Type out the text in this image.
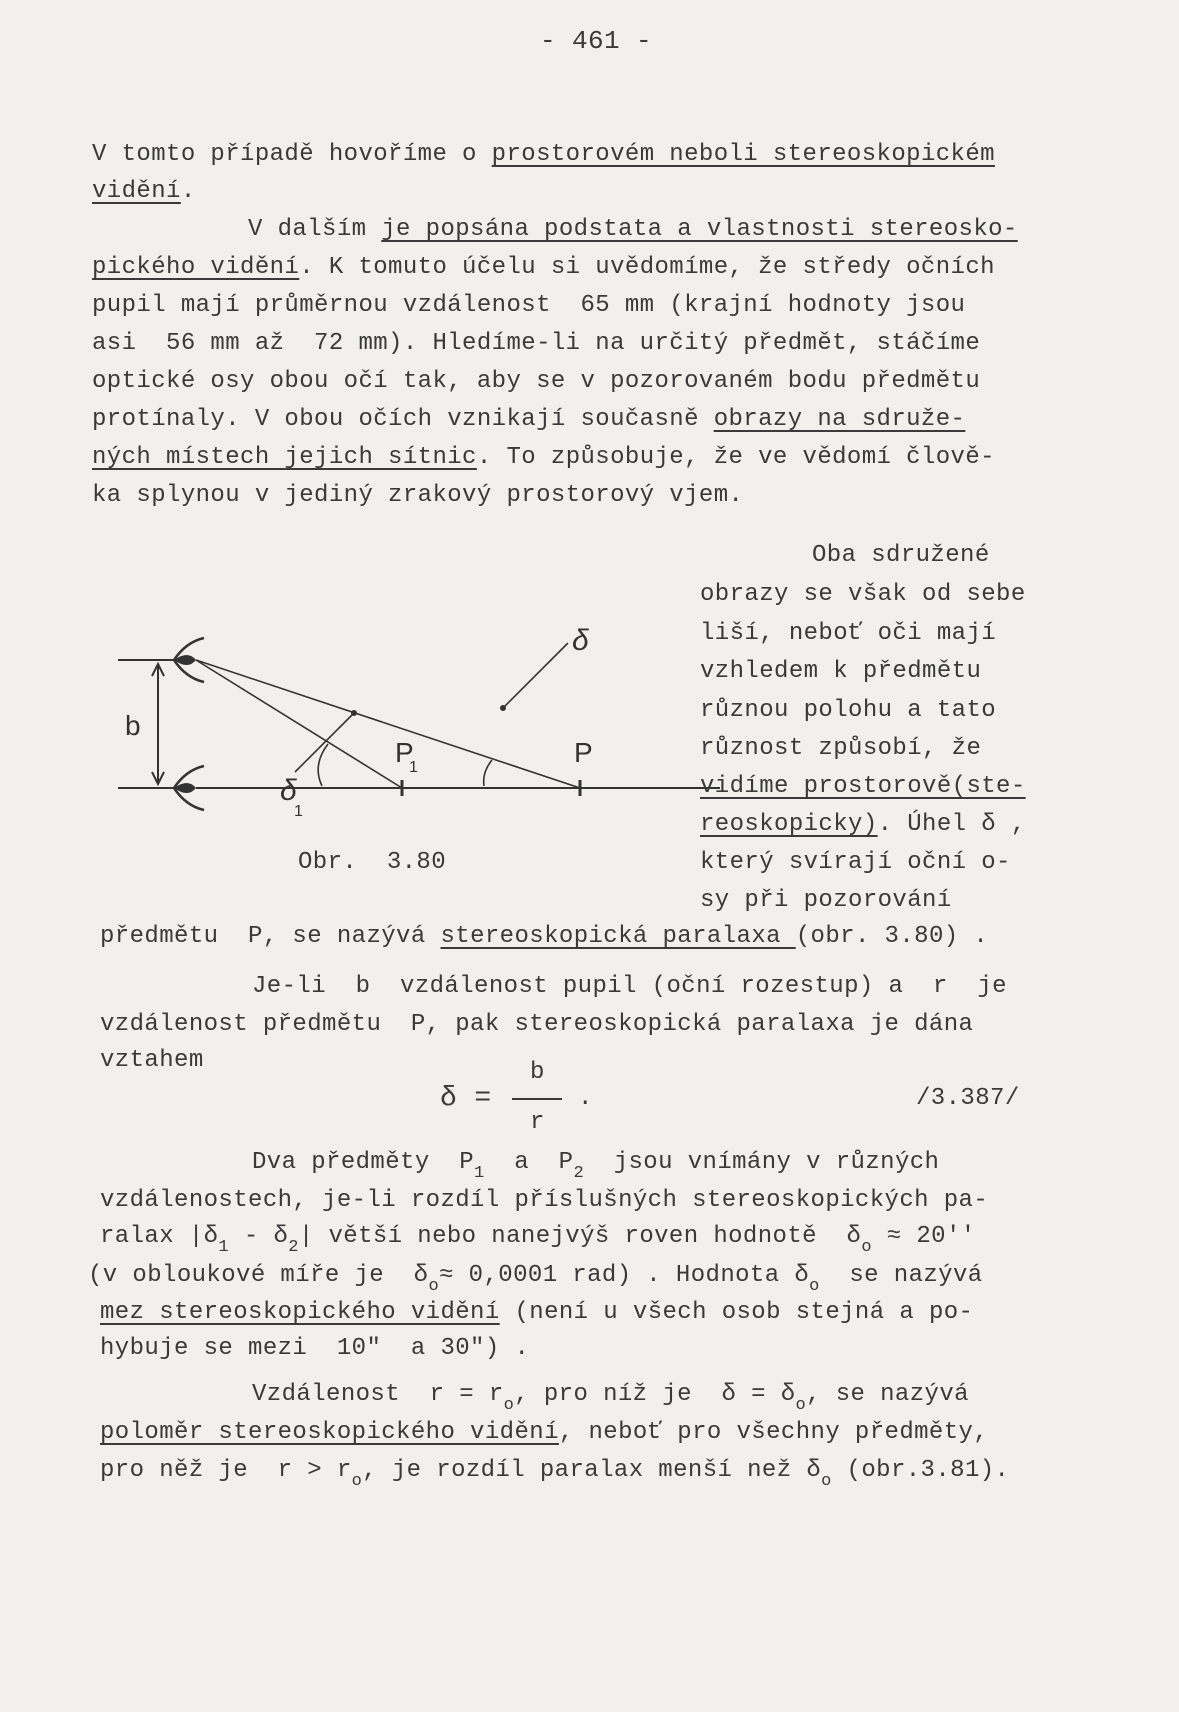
- 461 -
V tomto případě hovoříme o prostorovém neboli stereoskopickém
vidění.
V dalším je popsána podstata a vlastnosti stereosko-
pického vidění. K tomuto účelu si uvědomíme, že středy očních
pupil mají průměrnou vzdálenost  65 mm (krajní hodnoty jsou
asi  56 mm až  72 mm). Hledíme-li na určitý předmět, stáčíme
optické osy obou očí tak, aby se v pozorovaném bodu předmětu
protínaly. V obou očích vznikají současně obrazy na sdruže-
ných místech jejich sítnic. To způsobuje, že ve vědomí člově-
ka splynou v jediný zrakový prostorový vjem.
b
δ
δ
1
P
1	P
Obr.  3.80
Oba sdružené
obrazy se však od sebe
liší, neboť oči mají
vzhledem k předmětu
různou polohu a tato
různost způsobí, že
vidíme prostorově(ste-
reoskopicky). Úhel δ ,
který svírají oční o-
sy při pozorování
předmětu  P, se nazývá stereoskopická paralaxa (obr. 3.80) .
Je-li  b  vzdálenost pupil (oční rozestup) a  r  je
vzdálenost předmětu  P, pak stereoskopická paralaxa je dána
vztahem
δ =
b
r
.	/3.387/
Dva předměty  $P_1$  a  $P_2$  jsou vnímány v různých
vzdálenostech, je-li rozdíl příslušných stereoskopických pa-
ralax $|\delta_1 - \delta_2|$ větší nebo nanejvýš roven hodnotě  $\delta_o \approx 20''$
(v obloukové míře je  $\delta_o\approx 0,0001$ rad) . Hodnota $\delta_o$  se nazývá
mez stereoskopického vidění (není u všech osob stejná a po-
hybuje se mezi  10"  a 30") .
Vzdálenost  $r = r_o$, pro níž je  $\delta = \delta_o$, se nazývá
poloměr stereoskopického vidění, neboť pro všechny předměty,
pro něž je  $r > r_o$, je rozdíl paralax menší než $\delta_o$ (obr.3.81).
